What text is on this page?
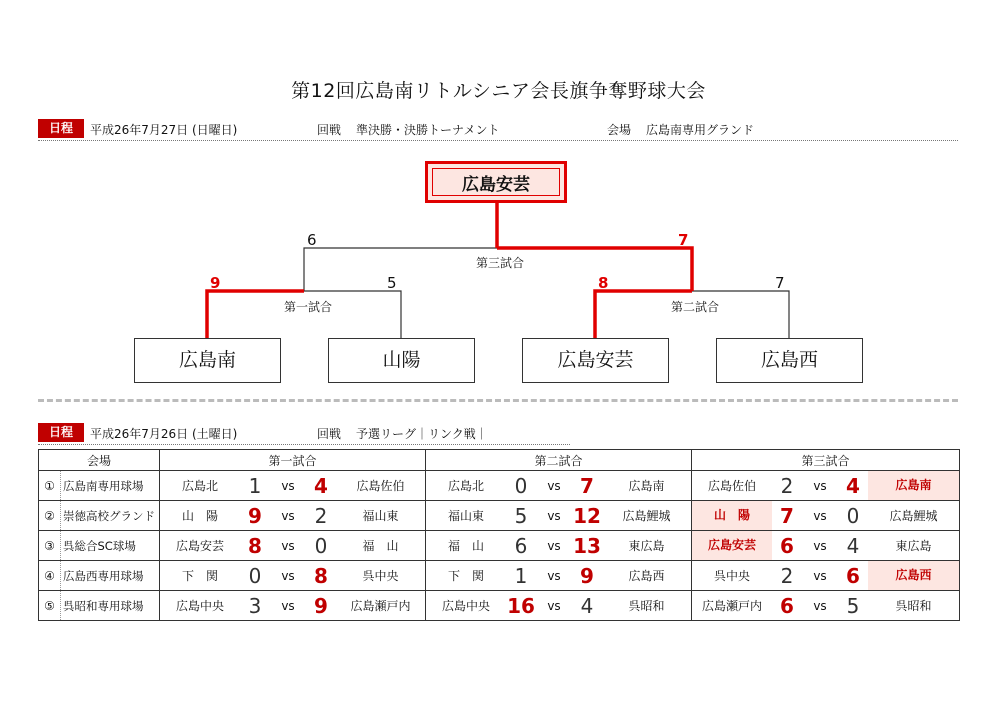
第12回広島南リトルシニア会長旗争奪野球大会
日程	平成26年7月27日 (日曜日)	回戦 準決勝・決勝トーナメント	会場 広島南専用グランド
広島安芸
6	7
第三試合
9	5
第一試合
8	7
第二試合
広島南	山陽	広島安芸	広島西
日程	平成26年7月26日 (土曜日)	回戦 予選リーグ｜リンク戦｜
会場		第一試合	第二試合	第三試合
①	広島南専用球場	広島北 1 vs 4 広島佐伯	広島北 0 vs 7 広島南	広島佐伯 2 vs 4 広島南

②	崇徳高校グランド	山　陽 9 vs 2 福山東	福山東 5 vs 12 広島鯉城	山　陽 7 vs 0 広島鯉城

③	呉総合SC球場	広島安芸 8 vs 0 福　山	福　山 6 vs 13 東広島	広島安芸 6 vs 4 東広島

④	広島西専用球場	下　関 0 vs 8 呉中央	下　関 1 vs 9 広島西	呉中央 2 vs 6 広島西

⑤	呉昭和専用球場	広島中央 3 vs 9 広島瀬戸内	広島中央 16 vs 4 呉昭和	広島瀬戸内 6 vs 5 呉昭和
